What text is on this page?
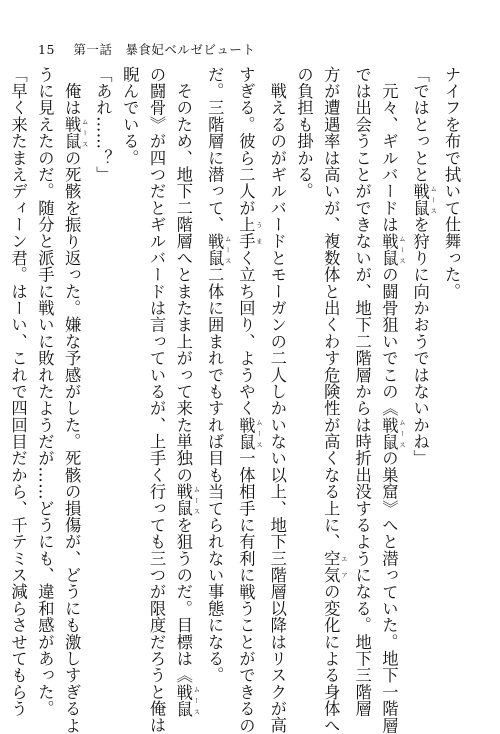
15 第一話　暴食妃ベルゼビュート
ナイフを布で拭いて仕舞った。
「ではとっとと戦鼠 ムースを狩りに向かおうではないかね」
　元々、ギルバードは戦鼠 ムースの闘骨狙いでこの《戦鼠 ムースの巣窟》へと潜っていた。地下一階層
では出会うことができないが、地下二階層からは時折出没するようになる。地下三階層
方が遭遇率は高いが、複数体と出くわす危険性が高くなる上に、空気 エアの変化による身体へ
の負担も掛かる。
　戦えるのがギルバードとモーガンの二人しかいない以上、地下三階層以降はリスクが高
すぎる。彼ら二人が上手 うまく立ち回り、ようやく戦鼠 ムース一体相手に有利に戦うことができるの
だ。三階層に潜って、戦鼠 ムース二体に囲まれでもすれば目も当てられない事態になる。
　そのため、地下二階層へとまたま上がって来た単独の戦鼠 ムースを狙うのだ。目標は《戦鼠 ムース
の闘骨》が四つだとギルバードは言っているが、上手く行っても三つが限度だろうと俺は
睨んでいる。
「あれ……？」
　俺は戦鼠 ムースの死骸を振り返った。嫌な予感がした。死骸の損傷が、どうにも激しすぎるよ
うに見えたのだ。随分と派手に戦いに敗れたようだが……どうにも、違和感があった。
「早く来たまえディーン君。はーい、これで四回目だから、千テミス減らさせてもらう
